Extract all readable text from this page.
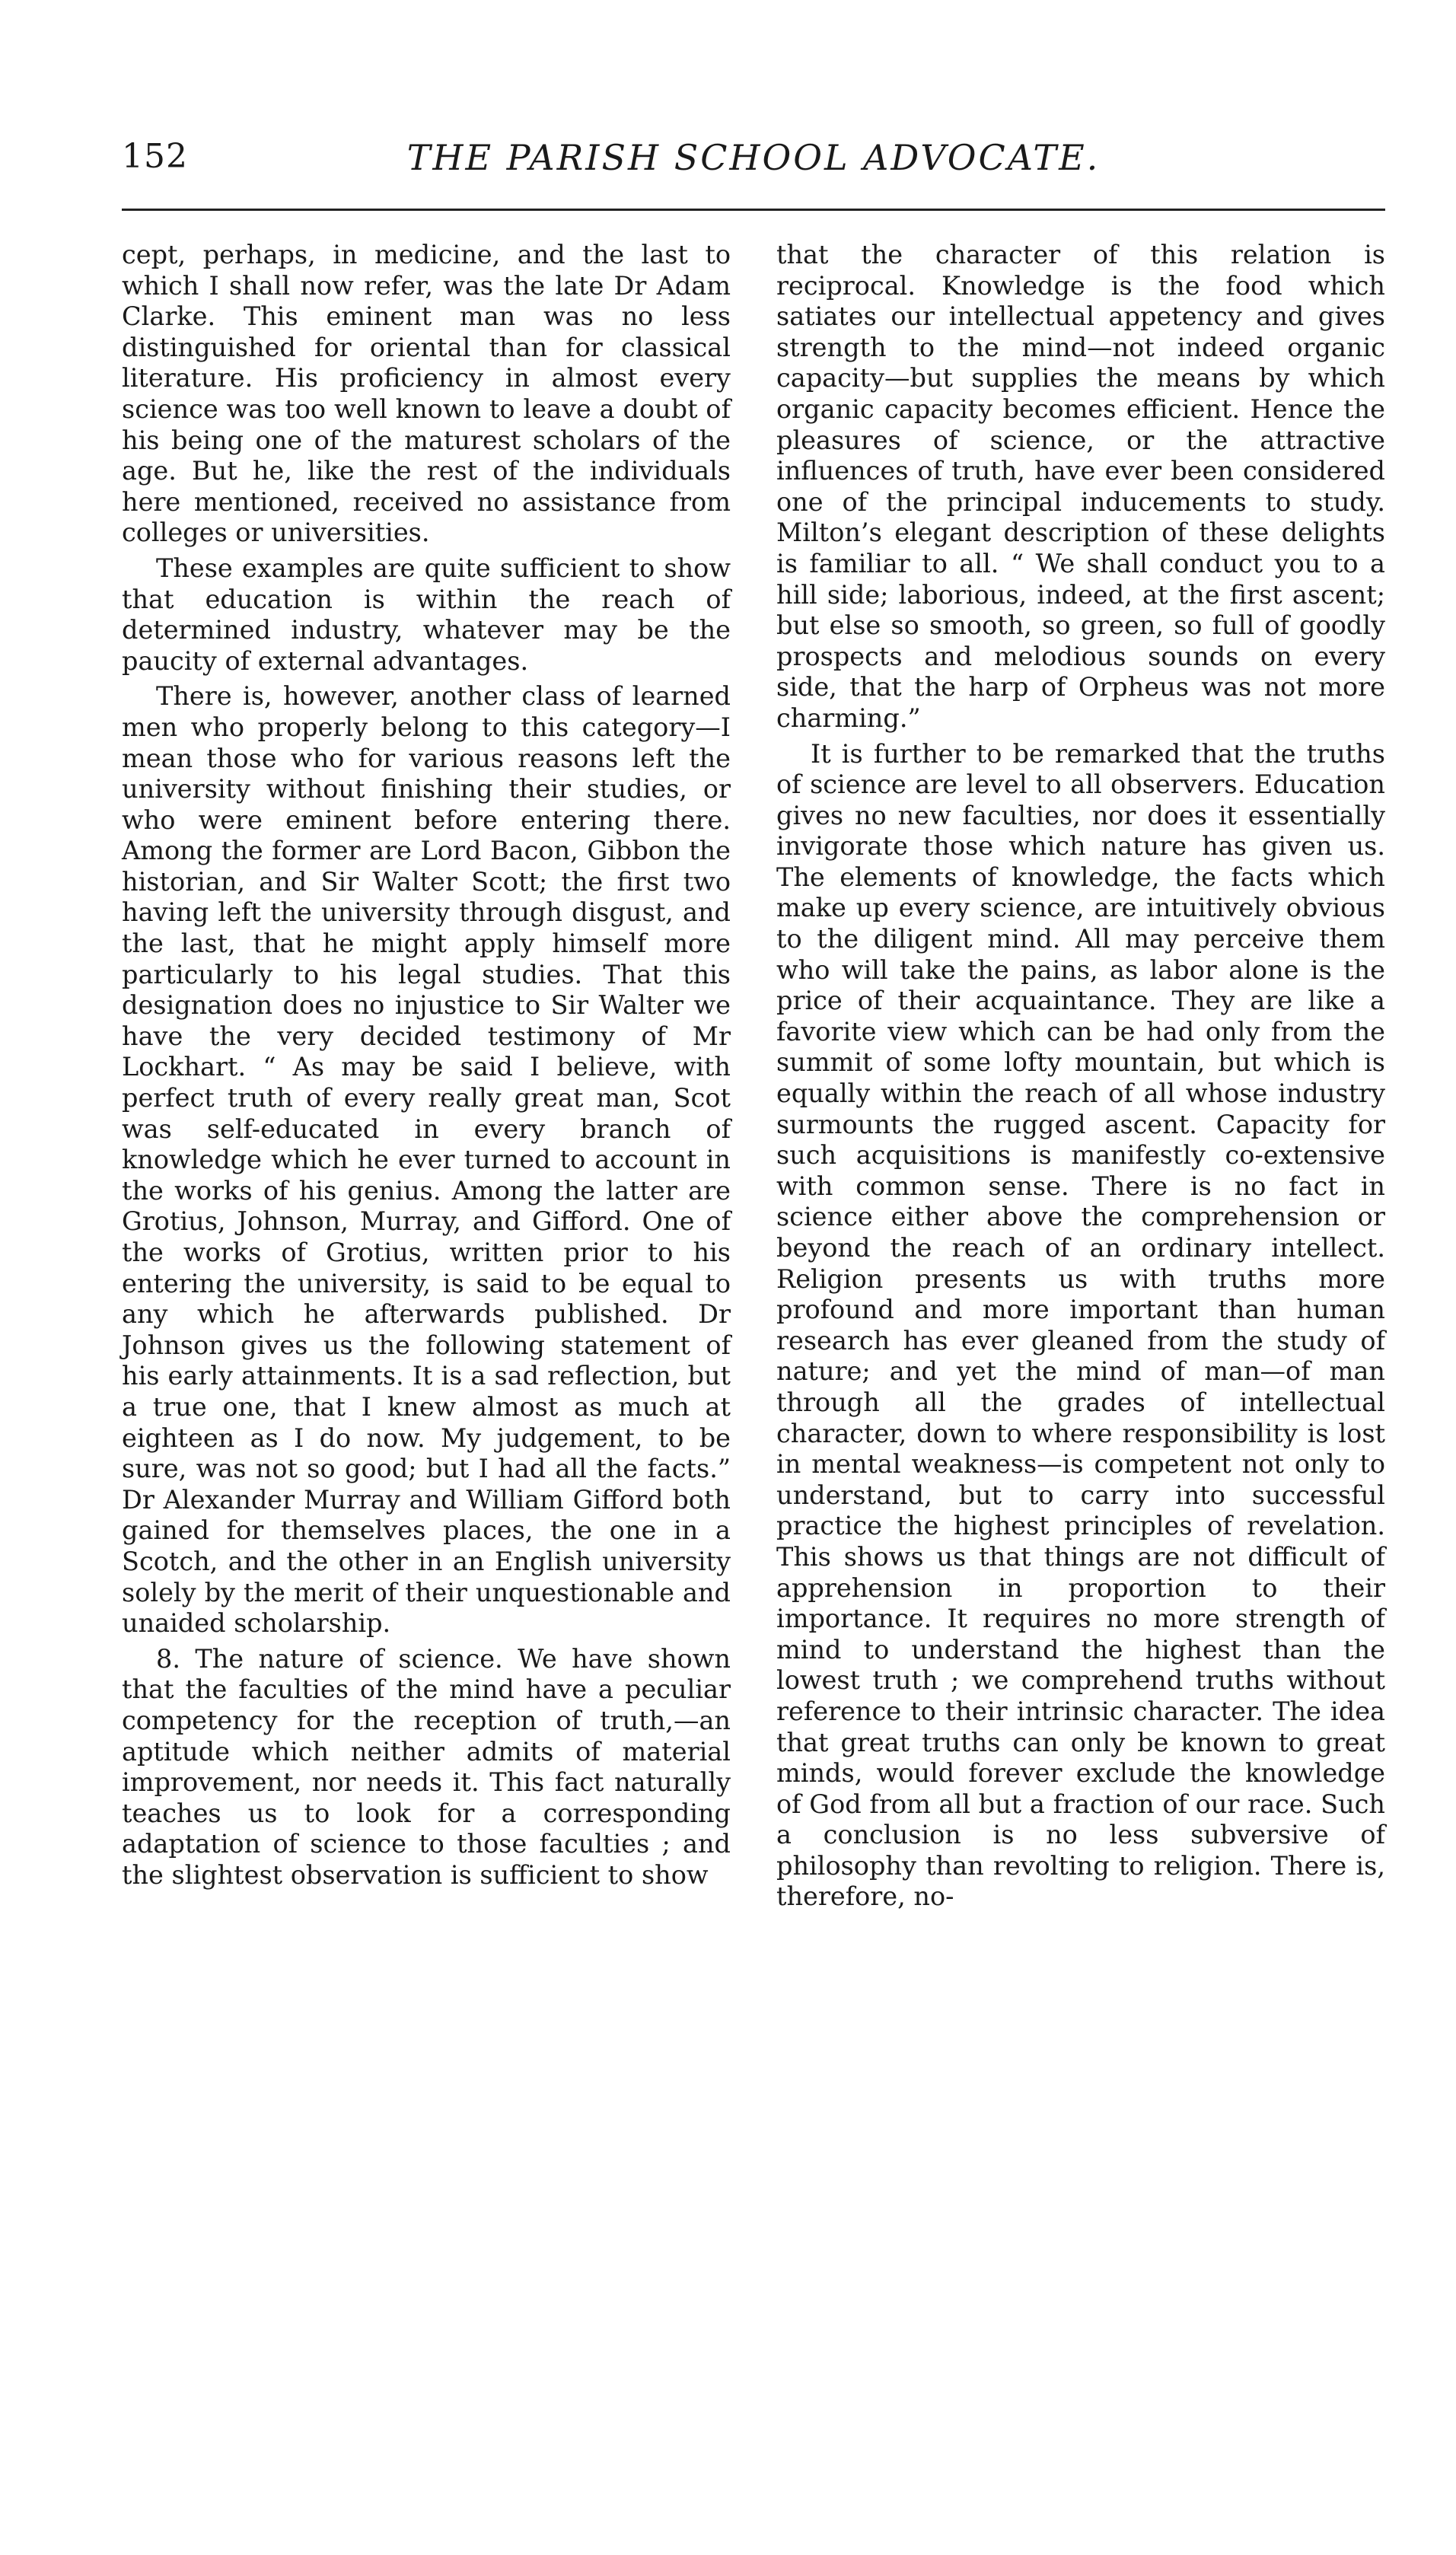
152	THE PARISH SCHOOL ADVOCATE.

cept, perhaps, in medicine, and the last to which I shall now refer, was the late Dr Adam Clarke. This eminent man was no less distinguished for oriental than for classical literature. His proficiency in almost every science was too well known to leave a doubt of his being one of the maturest scholars of the age. But he, like the rest of the individuals here mentioned, received no assistance from colleges or universities.

These examples are quite sufficient to show that education is within the reach of determined industry, whatever may be the paucity of external advantages.

There is, however, another class of learned men who properly belong to this category—I mean those who for various reasons left the university without finishing their studies, or who were eminent before entering there. Among the former are Lord Bacon, Gibbon the historian, and Sir Walter Scott; the first two having left the university through disgust, and the last, that he might apply himself more particularly to his legal studies. That this designation does no injustice to Sir Walter we have the very decided testimony of Mr Lockhart. “ As may be said I believe, with perfect truth of every really great man, Scot was self-educated in every branch of knowledge which he ever turned to account in the works of his genius. Among the latter are Grotius, Johnson, Murray, and Gifford. One of the works of Grotius, written prior to his entering the university, is said to be equal to any which he afterwards published. Dr Johnson gives us the following statement of his early attainments. It is a sad reflection, but a true one, that I knew almost as much at eighteen as I do now. My judgement, to be sure, was not so good; but I had all the facts.” Dr Alexander Murray and William Gifford both gained for themselves places, the one in a Scotch, and the other in an English university solely by the merit of their unquestionable and unaided scholarship.

8. The nature of science. We have shown that the faculties of the mind have a peculiar competency for the reception of truth,—an aptitude which neither admits of material improvement, nor needs it. This fact naturally teaches us to look for a corresponding adaptation of science to those faculties ; and the slightest observation is sufficient to show

that the character of this relation is reciprocal. Knowledge is the food which satiates our intellectual appetency and gives strength to the mind—not indeed organic capacity—but supplies the means by which organic capacity becomes efficient. Hence the pleasures of science, or the attractive influences of truth, have ever been considered one of the principal inducements to study. Milton’s elegant description of these delights is familiar to all. “ We shall conduct you to a hill side; laborious, indeed, at the first ascent; but else so smooth, so green, so full of goodly prospects and melodious sounds on every side, that the harp of Orpheus was not more charming.”

It is further to be remarked that the truths of science are level to all observers. Education gives no new faculties, nor does it essentially invigorate those which nature has given us. The elements of knowledge, the facts which make up every science, are intuitively obvious to the diligent mind. All may perceive them who will take the pains, as labor alone is the price of their acquaintance. They are like a favorite view which can be had only from the summit of some lofty mountain, but which is equally within the reach of all whose industry surmounts the rugged ascent. Capacity for such acquisitions is manifestly co-extensive with common sense. There is no fact in science either above the comprehension or beyond the reach of an ordinary intellect. Religion presents us with truths more profound and more important than human research has ever gleaned from the study of nature; and yet the mind of man—of man through all the grades of intellectual character, down to where responsibility is lost in mental weakness—is competent not only to understand, but to carry into successful practice the highest principles of revelation. This shows us that things are not difficult of apprehension in proportion to their importance. It requires no more strength of mind to understand the highest than the lowest truth ; we comprehend truths without reference to their intrinsic character. The idea that great truths can only be known to great minds, would forever exclude the knowledge of God from all but a fraction of our race. Such a conclusion is no less subversive of philosophy than revolting to religion. There is, therefore, no-
